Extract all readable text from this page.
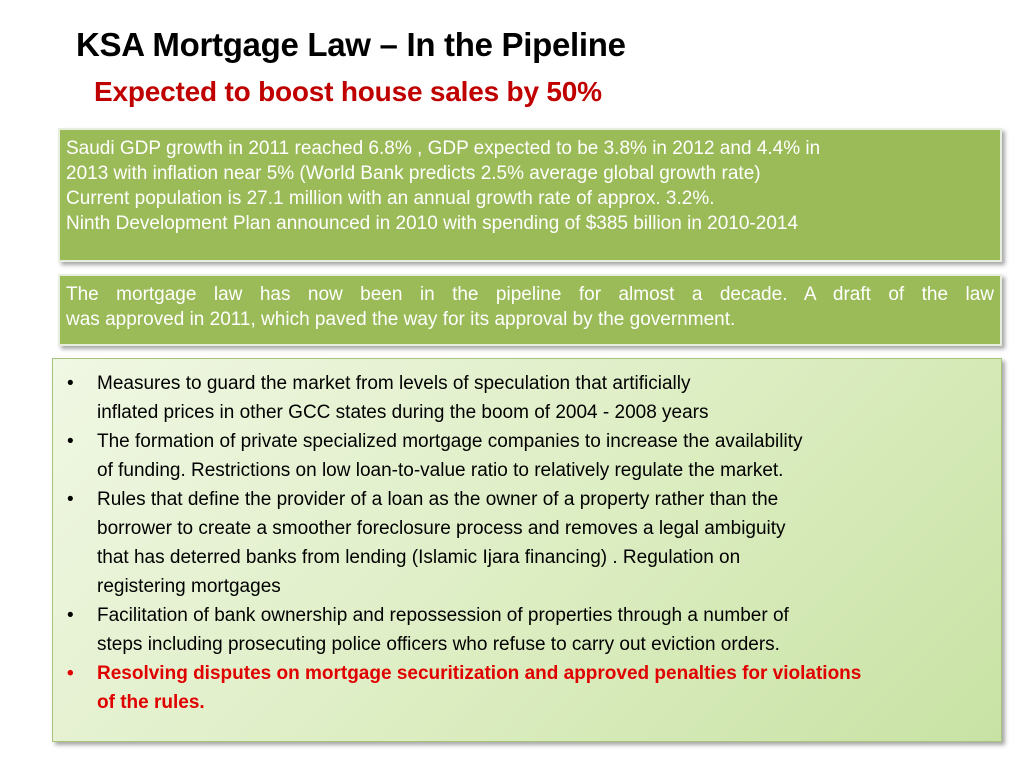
KSA Mortgage Law – In the Pipeline
Expected to boost house sales by 50%
Saudi GDP growth in 2011 reached 6.8% , GDP expected to be 3.8% in 2012 and 4.4% in
2013 with inflation near 5% (World Bank predicts 2.5% average global growth rate)
Current population is 27.1 million with an annual growth rate of approx. 3.2%.
Ninth Development Plan announced in 2010 with spending of $385 billion in 2010-2014
The mortgage law has now been in the pipeline for almost a decade. A draft of the law
was approved in 2011, which paved the way for its approval by the government.
• Measures to guard the market from levels of speculation that artificially
inflated prices in other GCC states during the boom of 2004 - 2008 years
• The formation of private specialized mortgage companies to increase the availability
of funding. Restrictions on low loan-to-value ratio to relatively regulate the market.
• Rules that define the provider of a loan as the owner of a property rather than the
borrower to create a smoother foreclosure process and removes a legal ambiguity
that has deterred banks from lending (Islamic Ijara financing) . Regulation on
registering mortgages
• Facilitation of bank ownership and repossession of properties through a number of
steps including prosecuting police officers who refuse to carry out eviction orders.
• Resolving disputes on mortgage securitization and approved penalties for violations
of the rules.
